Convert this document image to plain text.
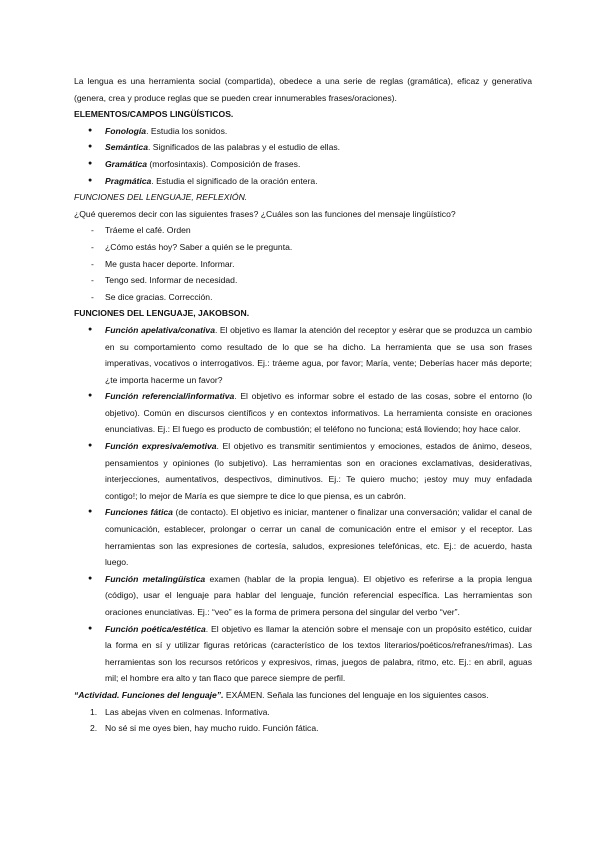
La lengua es una herramienta social (compartida), obedece a una serie de reglas (gramática), eficaz y generativa (genera, crea y produce reglas que se pueden crear innumerables frases/oraciones).

ELEMENTOS/CAMPOS LINGÜÍSTICOS.

● Fonología. Estudia los sonidos.
● Semántica. Significados de las palabras y el estudio de ellas.
● Gramática (morfosintaxis). Composición de frases.
● Pragmática. Estudia el significado de la oración entera.

FUNCIONES DEL LENGUAJE, REFLEXIÓN.

¿Qué queremos decir con las siguientes frases? ¿Cuáles son las funciones del mensaje lingüístico?

- Tráeme el café. Orden
- ¿Cómo estás hoy? Saber a quién se le pregunta.
- Me gusta hacer deporte. Informar.
- Tengo sed. Informar de necesidad.
- Se dice gracias. Corrección.

FUNCIONES DEL LENGUAJE, JAKOBSON.

● Función apelativa/conativa. El objetivo es llamar la atención del receptor y esèrar que se produzca un cambio en su comportamiento como resultado de lo que se ha dicho. La herramienta que se usa son frases imperativas, vocativos o interrogativos. Ej.: tráeme agua, por favor; María, vente; Deberías hacer más deporte; ¿te importa hacerme un favor?
● Función referencial/informativa. El objetivo es informar sobre el estado de las cosas, sobre el entorno (lo objetivo). Común en discursos científicos y en contextos informativos. La herramienta consiste en oraciones enunciativas. Ej.: El fuego es producto de combustión; el teléfono no funciona; está lloviendo; hoy hace calor.
● Función expresiva/emotiva. El objetivo es transmitir sentimientos y emociones, estados de ánimo, deseos, pensamientos y opiniones (lo subjetivo). Las herramientas son en oraciones exclamativas, desiderativas, interjecciones, aumentativos, despectivos, diminutivos. Ej.: Te quiero mucho; ¡estoy muy muy enfadada contigo!; lo mejor de María es que siempre te dice lo que piensa, es un cabrón.
● Funciones fática (de contacto). El objetivo es iniciar, mantener o finalizar una conversación; validar el canal de comunicación, establecer, prolongar o cerrar un canal de comunicación entre el emisor y el receptor. Las herramientas son las expresiones de cortesía, saludos, expresiones telefónicas, etc. Ej.: de acuerdo, hasta luego.
● Función metalingüística examen (hablar de la propia lengua). El objetivo es referirse a la propia lengua (código), usar el lenguaje para hablar del lenguaje, función referencial específica. Las herramientas son oraciones enunciativas. Ej.: “veo” es la forma de primera persona del singular del verbo “ver”.
● Función poética/estética. El objetivo es llamar la atención sobre el mensaje con un propósito estético, cuidar la forma en sí y utilizar figuras retóricas (característico de los textos literarios/poéticos/refranes/rimas). Las herramientas son los recursos retóricos y expresivos, rimas, juegos de palabra, ritmo, etc. Ej.: en abril, aguas mil; el hombre era alto y tan flaco que parece siempre de perfil.

“Actividad. Funciones del lenguaje”. EXÁMEN. Señala las funciones del lenguaje en los siguientes casos.

1. Las abejas viven en colmenas. Informativa.
2. No sé si me oyes bien, hay mucho ruido. Función fática.
